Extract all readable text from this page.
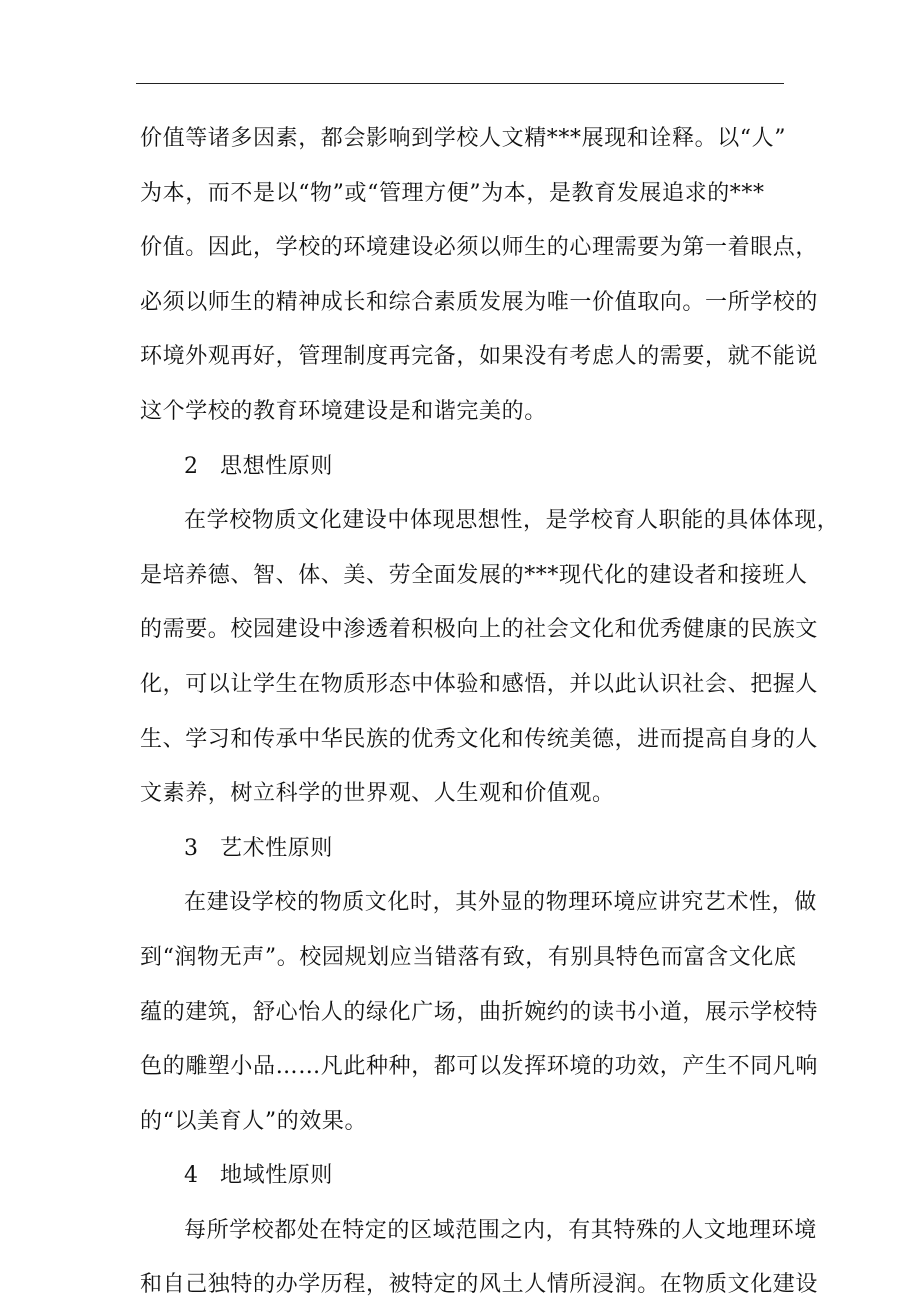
价值等诸多因素，都会影响到学校人文精***展现和诠释。以“人”
为本，而不是以“物”或“管理方便”为本，是教育发展追求的***
价值。因此，学校的环境建设必须以师生的心理需要为第一着眼点，
必须以师生的精神成长和综合素质发展为唯一价值取向。一所学校的
环境外观再好，管理制度再完备，如果没有考虑人的需要，就不能说
这个学校的教育环境建设是和谐完美的。
2 思想性原则
在学校物质文化建设中体现思想性，是学校育人职能的具体体现，
是培养德、智、体、美、劳全面发展的***现代化的建设者和接班人
的需要。校园建设中渗透着积极向上的社会文化和优秀健康的民族文
化，可以让学生在物质形态中体验和感悟，并以此认识社会、把握人
生、学习和传承中华民族的优秀文化和传统美德，进而提高自身的人
文素养，树立科学的世界观、人生观和价值观。
3 艺术性原则
在建设学校的物质文化时，其外显的物理环境应讲究艺术性，做
到“润物无声”。校园规划应当错落有致，有别具特色而富含文化底
蕴的建筑，舒心怡人的绿化广场，曲折婉约的读书小道，展示学校特
色的雕塑小品……凡此种种，都可以发挥环境的功效，产生不同凡响
的“以美育人”的效果。
4 地域性原则
每所学校都处在特定的区域范围之内，有其特殊的人文地理环境
和自己独特的办学历程，被特定的风土人情所浸润。在物质文化建设
